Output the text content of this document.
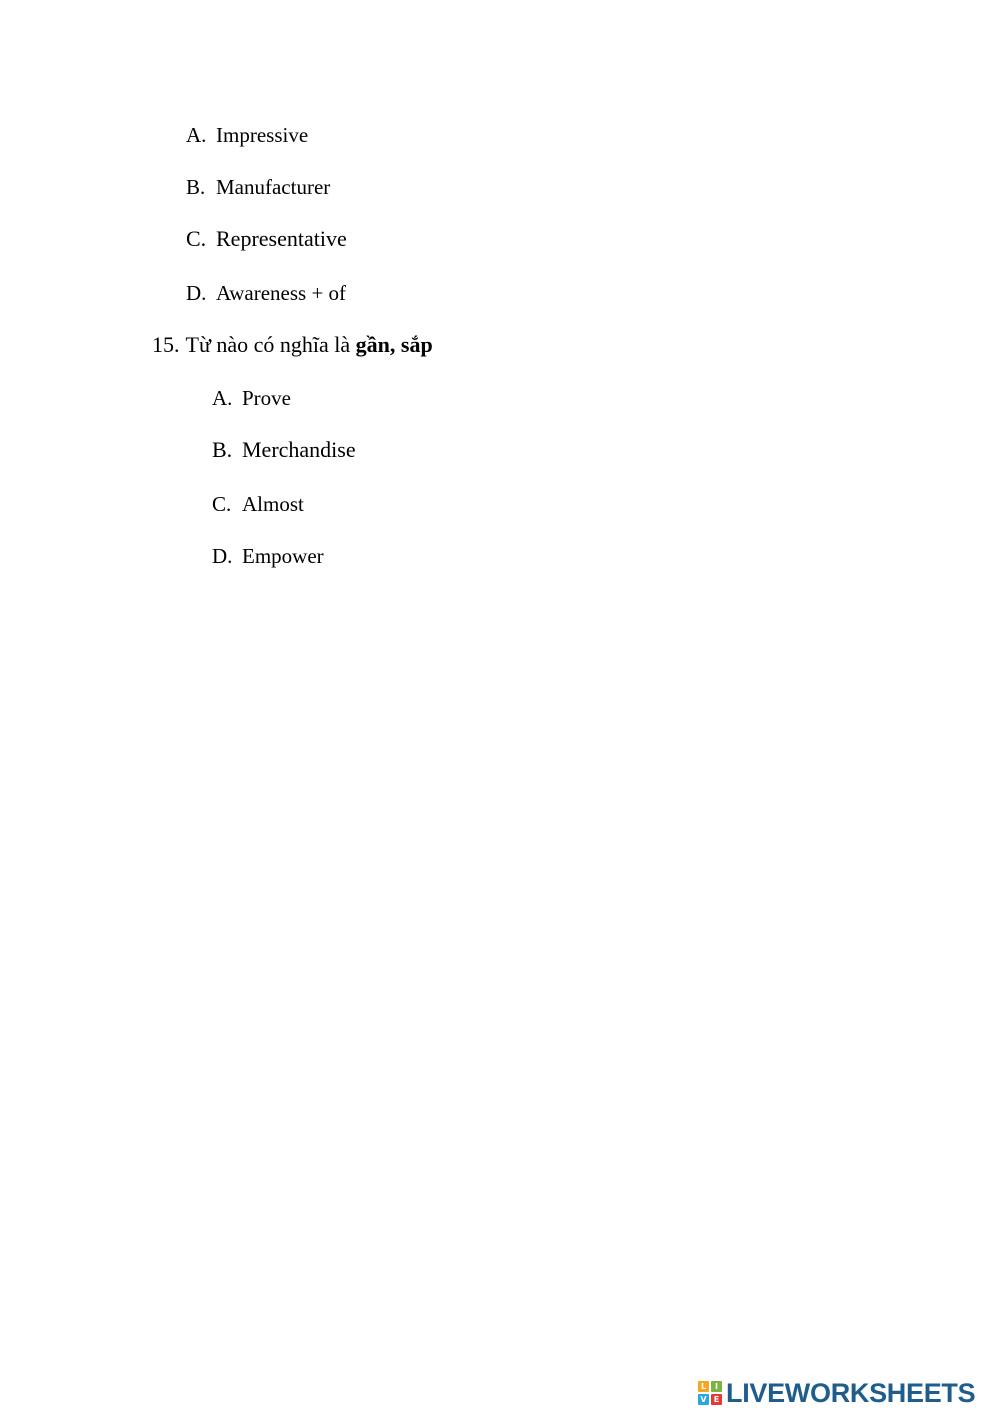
A. Impressive
B. Manufacturer
C. Representative
D. Awareness + of
15. Từ nào có nghĩa là gần, sắp
A. Prove
B. Merchandise
C. Almost
D. Empower
L	I
V E LIVEWORKSHEETS
